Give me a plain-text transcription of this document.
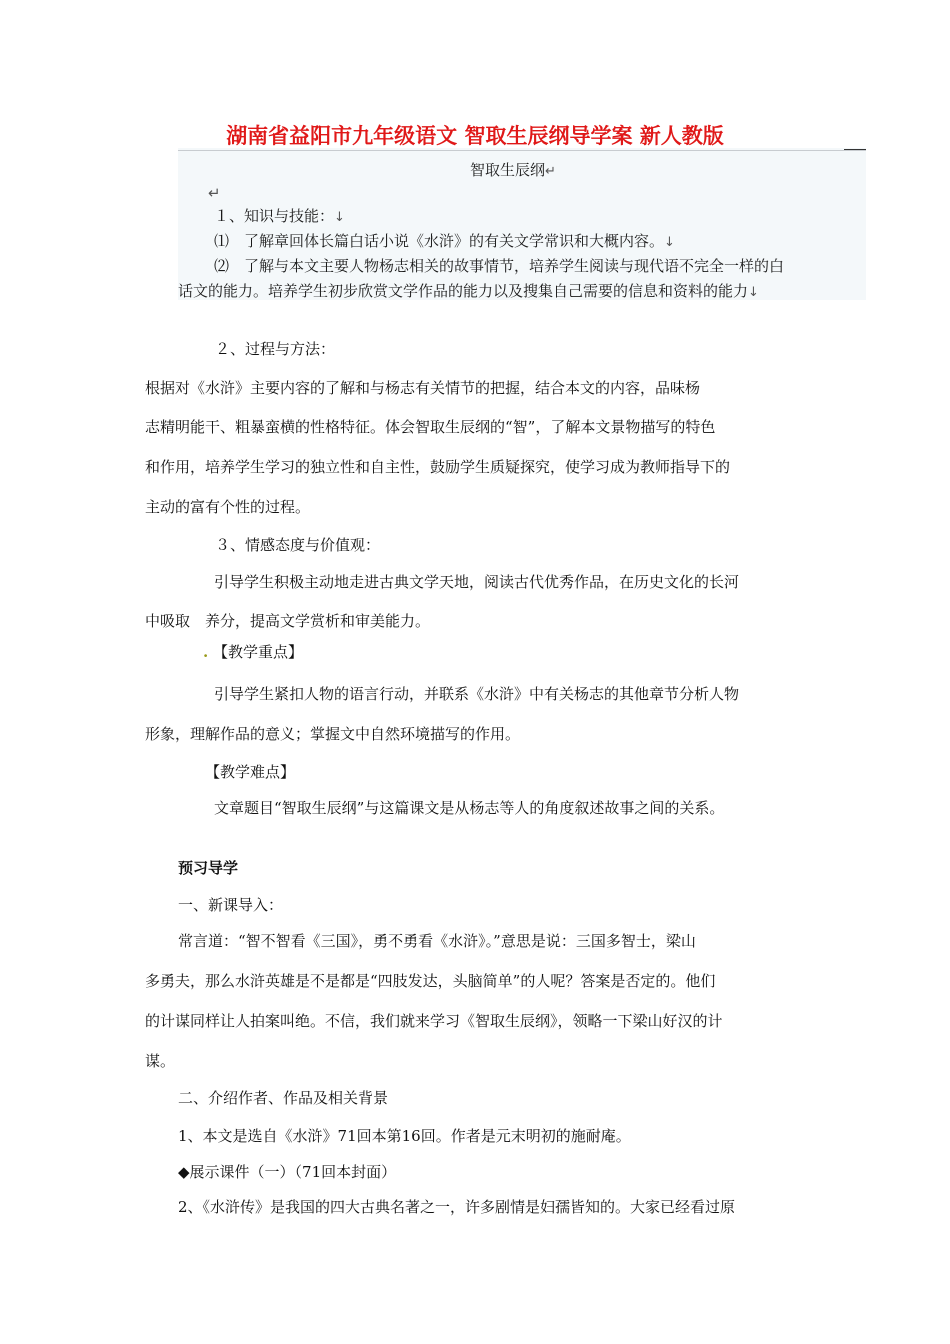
湖南省益阳市九年级语文 智取生辰纲导学案 新人教版
智取生辰纲↵
↵
１、知识与技能：↓
⑴　了解章回体长篇白话小说《水浒》的有关文学常识和大概内容。↓
⑵　了解与本文主要人物杨志相关的故事情节，培养学生阅读与现代语不完全一样的白
话文的能力。培养学生初步欣赏文学作品的能力以及搜集自己需要的信息和资料的能力↓
２、过程与方法：
根据对《水浒》主要内容的了解和与杨志有关情节的把握，结合本文的内容，品味杨
志精明能干、粗暴蛮横的性格特征。体会智取生辰纲的“智”，了解本文景物描写的特色
和作用，培养学生学习的独立性和自主性，鼓励学生质疑探究，使学习成为教师指导下的
主动的富有个性的过程。
３、情感态度与价值观：
引导学生积极主动地走进古典文学天地，阅读古代优秀作品，在历史文化的长河
中吸取　养分，提高文学赏析和审美能力。
. 【教学重点】
引导学生紧扣人物的语言行动，并联系《水浒》中有关杨志的其他章节分析人物
形象，理解作品的意义；掌握文中自然环境描写的作用。
【教学难点】
文章题目“智取生辰纲”与这篇课文是从杨志等人的角度叙述故事之间的关系。
预习导学
一、新课导入：
常言道：“智不智看《三国》，勇不勇看《水浒》。”意思是说：三国多智士，梁山
多勇夫，那么水浒英雄是不是都是“四肢发达，头脑简单”的人呢？答案是否定的。他们
的计谋同样让人拍案叫绝。不信，我们就来学习《智取生辰纲》，领略一下梁山好汉的计
谋。
二、介绍作者、作品及相关背景
1、本文是选自《水浒》71回本第16回。作者是元末明初的施耐庵。
◆展示课件（一）（71回本封面）
2、《水浒传》是我国的四大古典名著之一，许多剧情是妇孺皆知的。大家已经看过原
